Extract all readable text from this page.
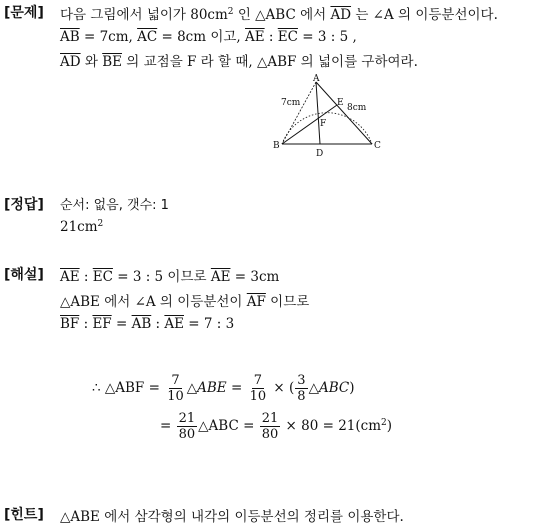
[문제] 다음 그림에서 넓이가 $80cm^2$ 인 △ABC 에서 $\overline{AD}$ 는 ∠A 의 이등분선이다.
$\overline{AB} = 7cm$, $\overline{AC} = 8cm$ 이고, $\overline{AE}$ : $\overline{EC} = 3$ : 5 ,
$\overline{AD}$ 와 $\overline{BE}$ 의 교점을 F 라 할 때, △ABF 의 넓이를 구하여라.
A
B	C
D
E
F
7cm	8cm
[정답] 순서: 없음, 갯수: 1
$21cm^2$
[해설] $\overline{AE}$ : $\overline{EC} = 3$ : 5 이므로 $\overline{AE} = 3cm$
△ABE 에서 ∠A 의 이등분선이 $\overline{AF}$ 이므로
$\overline{BF}$ : $\overline{EF} = \overline{AB}$ : $\overline{AE} = 7$ : 3
∴ △ABF = $\frac{7}{10}$ △ABE = $\frac{7}{10}$ × ( $\frac{3}{8}$ △ABC)
= $\frac{21}{80}$ △ABC = $\frac{21}{80} \times 80 = 21(cm^2)$
[힌트] △ABE 에서 삼각형의 내각의 이등분선의 정리를 이용한다.
